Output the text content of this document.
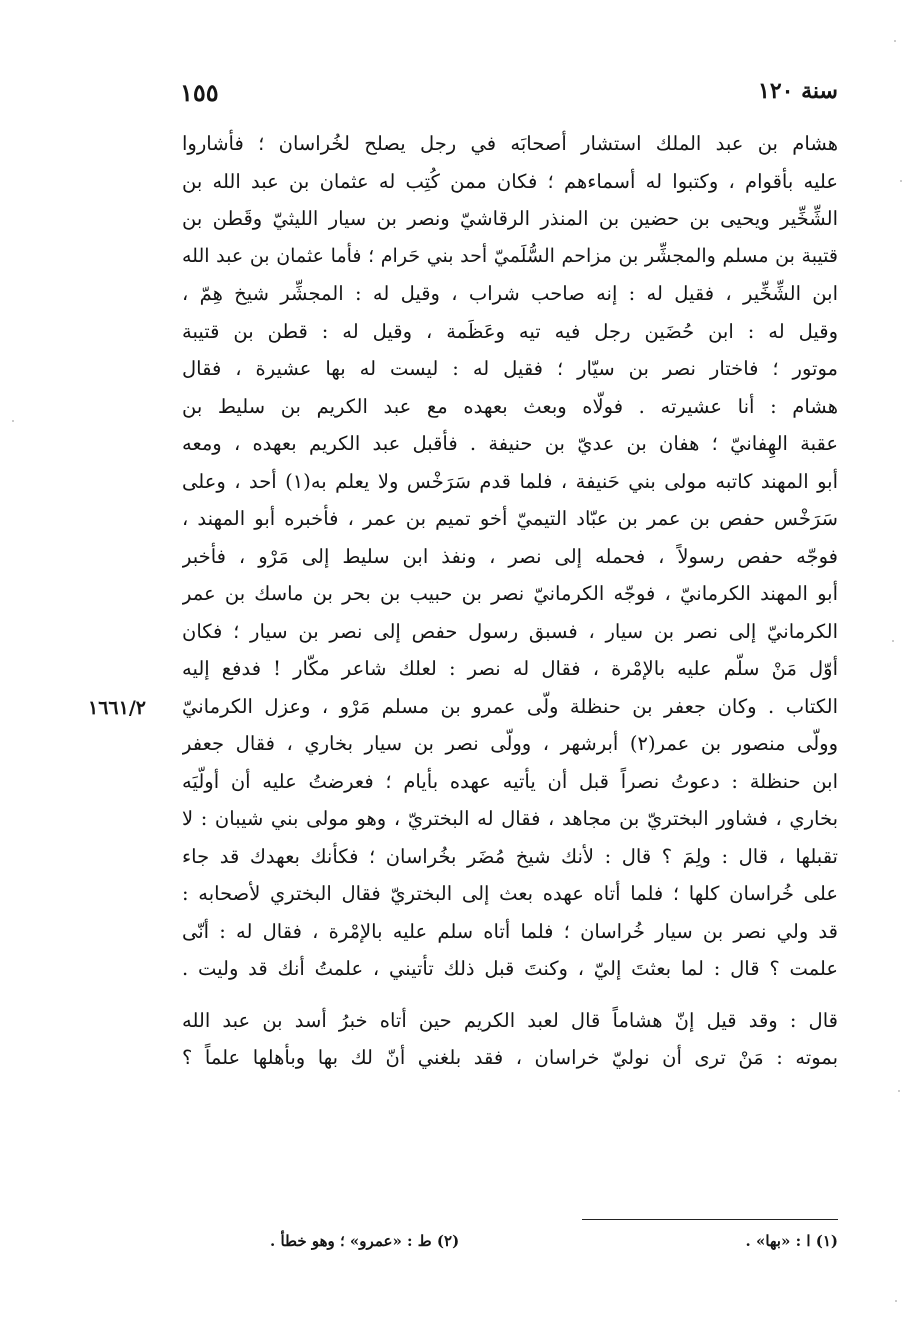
سنة ١٢٠
١٥٥
١٦٦١/٢
هشام بن عبد الملك استشار أصحابَه في رجل يصلح لخُراسان ؛ فأشاروا
عليه بأقوام ، وكتبوا له أسماءهم ؛ فكان ممن كُتِب له عثمان بن عبد الله بن
الشِّخِّير ويحيى بن حضين بن المنذر الرقاشيّ ونصر بن سيار الليثيّ وقَطن بن
قتيبة بن مسلم والمجشِّر بن مزاحم السُّلَميّ أحد بني حَرام ؛ فأما عثمان بن عبد الله
ابن الشِّخِّير ، فقيل له : إنه صاحب شراب ، وقيل له : المجشِّر شيخ هِمّ ،
وقيل له : ابن حُضَين رجل فيه تيه وعَظَمة ، وقيل له : قطن بن قتيبة
موتور ؛ فاختار نصر بن سيّار ؛ فقيل له : ليست له بها عشيرة ، فقال
هشام : أنا عشيرته . فولّاه وبعث بعهده مع عبد الكريم بن سليط بن
عقبة الهِفانيّ ؛ هفان بن عديّ بن حنيفة . فأقبل عبد الكريم بعهده ، ومعه
أبو المهند كاتبه مولى بني حَنيفة ، فلما قدم سَرَخْس ولا يعلم به(١) أحد ، وعلى
سَرَخْس حفص بن عمر بن عبّاد التيميّ أخو تميم بن عمر ، فأخبره أبو المهند ،
فوجّه حفص رسولاً ، فحمله إلى نصر ، ونفذ ابن سليط إلى مَرْو ، فأخبر
أبو المهند الكرمانيّ ، فوجّه الكرمانيّ نصر بن حبيب بن بحر بن ماسك بن عمر
الكرمانيّ إلى نصر بن سيار ، فسبق رسول حفص إلى نصر بن سيار ؛ فكان
أوّل مَنْ سلّم عليه بالإمْرة ، فقال له نصر : لعلك شاعر مكّار ! فدفع إليه
الكتاب . وكان جعفر بن حنظلة ولّى عمرو بن مسلم مَرْو ، وعزل الكرمانيّ
وولّى منصور بن عمر(٢) أبرشهر ، وولّى نصر بن سيار بخاري ، فقال جعفر
ابن حنظلة : دعوتُ نصراً قبل أن يأتيه عهده بأيام ؛ فعرضتُ عليه أن أولّيَه
بخاري ، فشاور البختريّ بن مجاهد ، فقال له البختريّ ، وهو مولى بني شيبان : لا
تقبلها ، قال : ولِمَ ؟ قال : لأنك شيخ مُضَر بخُراسان ؛ فكأنك بعهدك قد جاء
على خُراسان كلها ؛ فلما أتاه عهده بعث إلى البختريّ فقال البختري لأصحابه :
قد ولي نصر بن سيار خُراسان ؛ فلما أتاه سلم عليه بالإمْرة ، فقال له : أنّى
علمت ؟ قال : لما بعثتَ إليّ ، وكنتَ قبل ذلك تأتيني ، علمتُ أنك قد وليت .
قال : وقد قيل إنّ هشاماً قال لعبد الكريم حين أتاه خبرُ أسد بن عبد الله
بموته : مَنْ ترى أن نوليّ خراسان ، فقد بلغني أنّ لك بها وبأهلها علماً ؟
(١) ا : «بها» .
(٢) ط : «عمرو» ؛ وهو خطأ .
